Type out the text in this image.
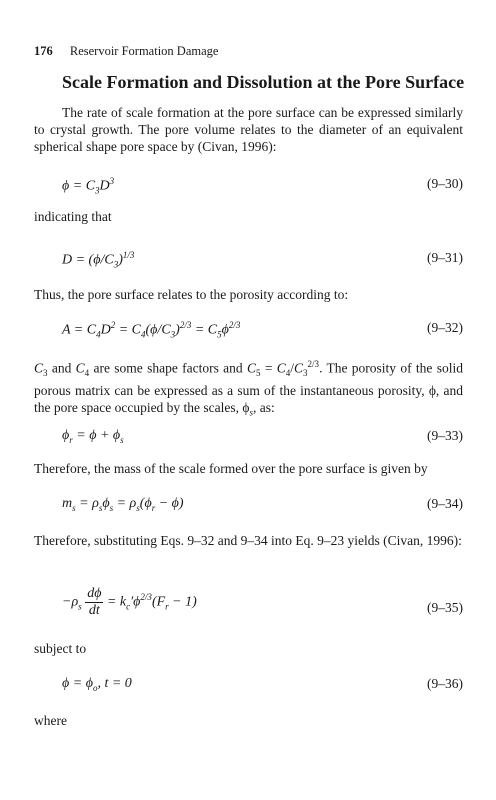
176 Reservoir Formation Damage
Scale Formation and Dissolution at the Pore Surface

The rate of scale formation at the pore surface can be expressed similarly to crystal growth. The pore volume relates to the diameter of an equivalent spherical shape pore space by (Civan, 1996):

$\phi = C_3D^3$	(9–30)

indicating that

$D = (\phi/C_3)^{1/3}$	(9–31)

Thus, the pore surface relates to the porosity according to:

$A = C_4D^2 = C_4(\phi/C_3)^{2/3} = C_5\phi^{2/3}$	(9–32)

$C_3$ and $C_4$ are some shape factors and $C_5 = C_4/C_3^{2/3}$. The porosity of the solid porous matrix can be expressed as a sum of the instantaneous porosity, ϕ, and the pore space occupied by the scales, $\phi_s$, as:

$\phi_r = \phi + \phi_s$	(9–33)

Therefore, the mass of the scale formed over the pore surface is given by

$m_s = \rho_s\phi_s = \rho_s(\phi_r - \phi)$	(9–34)

Therefore, substituting Eqs. 9–32 and 9–34 into Eq. 9–23 yields (Civan, 1996):

$-\rho_s \frac{d\phi}{dt} = k_c'\phi^{2/3}(F_r - 1)$	(9–35)

subject to

$\phi = \phi_o$, t = 0	(9–36)

where
